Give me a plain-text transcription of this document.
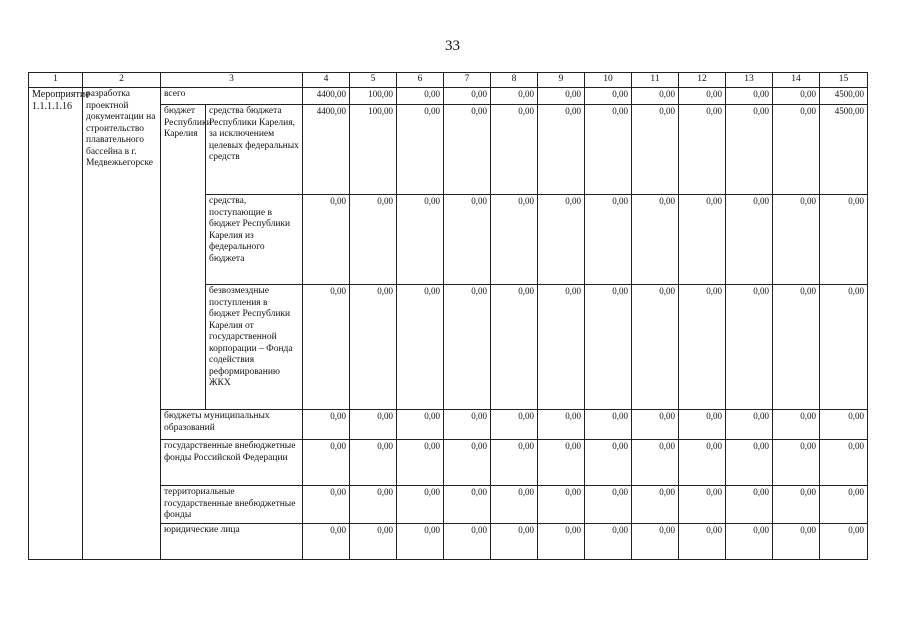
33
1	2	3		4	5	6	7	8	9	10	11	12	13	14	15
Мероприятие 1.1.1.1.16	разработка проектной документации на строительство плавательного бассейна в г. Медвежьегорске	всего		4400,00	100,00	0,00	0,00	0,00	0,00	0,00	0,00	0,00	0,00	0,00	4500,00
		бюджет Республики Карелия	средства бюджета Республики Карелия, за исключением целевых федеральных средств	4400,00	100,00	0,00	0,00	0,00	0,00	0,00	0,00	0,00	0,00	0,00	4500,00
			средства, поступающие в бюджет Республики Карелия из федерального бюджета	0,00	0,00	0,00	0,00	0,00	0,00	0,00	0,00	0,00	0,00	0,00	0,00
			безвозмездные поступления в бюджет Республики Карелия от государственной корпорации – Фонда содействия реформированию ЖКХ	0,00	0,00	0,00	0,00	0,00	0,00	0,00	0,00	0,00	0,00	0,00	0,00
		бюджеты муниципальных образований		0,00	0,00	0,00	0,00	0,00	0,00	0,00	0,00	0,00	0,00	0,00	0,00
		государственные внебюджетные фонды Российской Федерации		0,00	0,00	0,00	0,00	0,00	0,00	0,00	0,00	0,00	0,00	0,00	0,00
		территориальные государственные внебюджетные фонды		0,00	0,00	0,00	0,00	0,00	0,00	0,00	0,00	0,00	0,00	0,00	0,00
		юридические лица		0,00	0,00	0,00	0,00	0,00	0,00	0,00	0,00	0,00	0,00	0,00	0,00
